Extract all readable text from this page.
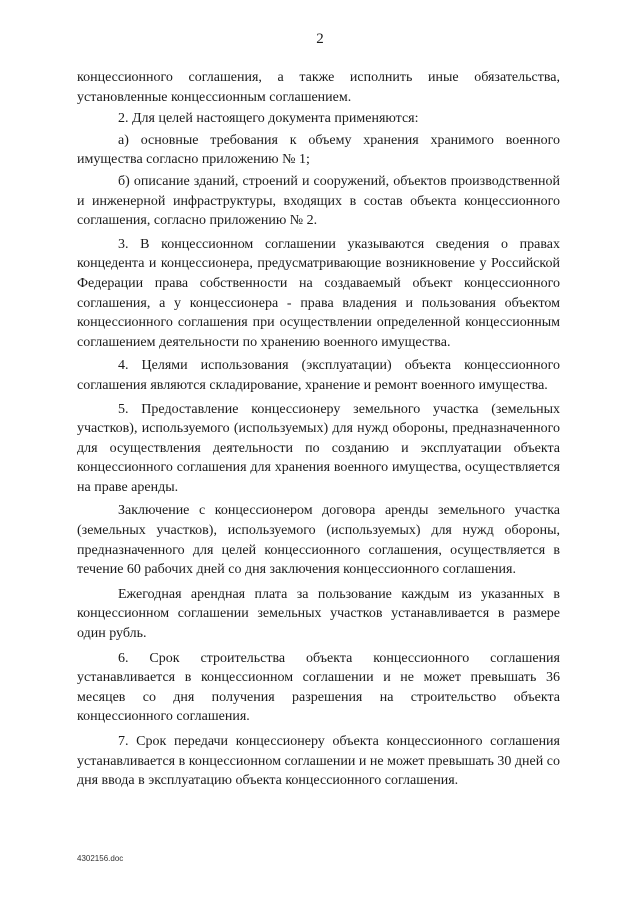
2

концессионного соглашения, а также исполнить иные обязательства, установленные концессионным соглашением.

2. Для целей настоящего документа применяются:

а) основные требования к объему хранения хранимого военного имущества согласно приложению № 1;

б) описание зданий, строений и сооружений, объектов производственной и инженерной инфраструктуры, входящих в состав объекта концессионного соглашения, согласно приложению № 2.

3. В концессионном соглашении указываются сведения о правах концедента и концессионера, предусматривающие возникновение у Российской Федерации права собственности на создаваемый объект концессионного соглашения, а у концессионера - права владения и пользования объектом концессионного соглашения при осуществлении определенной концессионным соглашением деятельности по хранению военного имущества.

4. Целями использования (эксплуатации) объекта концессионного соглашения являются складирование, хранение и ремонт военного имущества.

5. Предоставление концессионеру земельного участка (земельных участков), используемого (используемых) для нужд обороны, предназначенного для осуществления деятельности по созданию и эксплуатации объекта концессионного соглашения для хранения военного имущества, осуществляется на праве аренды.

Заключение с концессионером договора аренды земельного участка (земельных участков), используемого (используемых) для нужд обороны, предназначенного для целей концессионного соглашения, осуществляется в течение 60 рабочих дней со дня заключения концессионного соглашения.

Ежегодная арендная плата за пользование каждым из указанных в концессионном соглашении земельных участков устанавливается в размере один рубль.

6. Срок строительства объекта концессионного соглашения устанавливается в концессионном соглашении и не может превышать 36 месяцев со дня получения разрешения на строительство объекта концессионного соглашения.

7. Срок передачи концессионеру объекта концессионного соглашения устанавливается в концессионном соглашении и не может превышать 30 дней со дня ввода в эксплуатацию объекта концессионного соглашения.

4302156.doc
